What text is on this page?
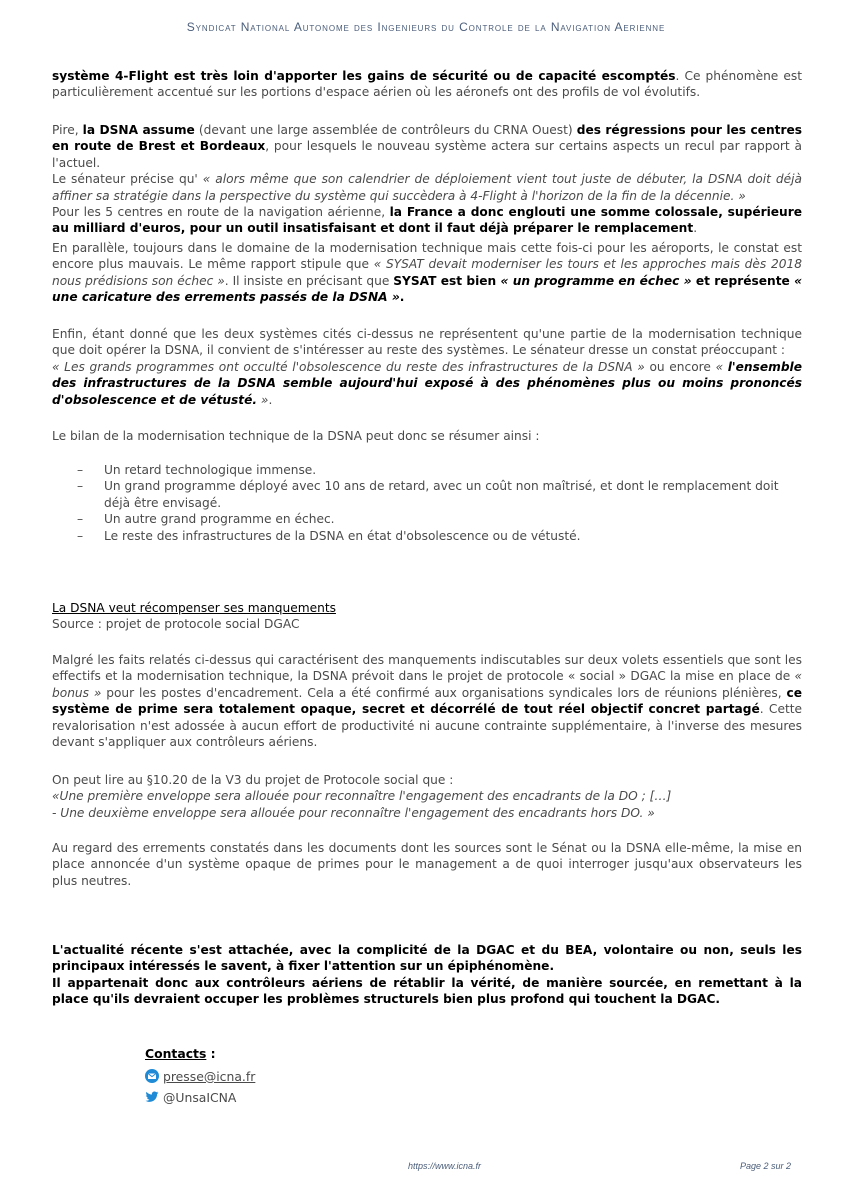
Syndicat National Autonome des Ingenieurs du Controle de la Navigation Aerienne

système 4-Flight est très loin d'apporter les gains de sécurité ou de capacité escomptés. Ce phénomène est particulièrement accentué sur les portions d'espace aérien où les aéronefs ont des profils de vol évolutifs.

Pire, la DSNA assume (devant une large assemblée de contrôleurs du CRNA Ouest) des régressions pour les centres en route de Brest et Bordeaux, pour lesquels le nouveau système actera sur certains aspects un recul par rapport à l'actuel.
Le sénateur précise qu' « alors même que son calendrier de déploiement vient tout juste de débuter, la DSNA doit déjà affiner sa stratégie dans la perspective du système qui succèdera à 4-Flight à l'horizon de la fin de la décennie. »
Pour les 5 centres en route de la navigation aérienne, la France a donc englouti une somme colossale, supérieure au milliard d'euros, pour un outil insatisfaisant et dont il faut déjà préparer le remplacement.

En parallèle, toujours dans le domaine de la modernisation technique mais cette fois-ci pour les aéroports, le constat est encore plus mauvais. Le même rapport stipule que « SYSAT devait moderniser les tours et les approches mais dès 2018 nous prédisions son échec ». Il insiste en précisant que SYSAT est bien « un programme en échec » et représente « une caricature des errements passés de la DSNA ».

Enfin, étant donné que les deux systèmes cités ci-dessus ne représentent qu'une partie de la modernisation technique que doit opérer la DSNA, il convient de s'intéresser au reste des systèmes. Le sénateur dresse un constat préoccupant :
« Les grands programmes ont occulté l'obsolescence du reste des infrastructures de la DSNA » ou encore « l'ensemble des infrastructures de la DSNA semble aujourd'hui exposé à des phénomènes plus ou moins prononcés d'obsolescence et de vétusté. ».

Le bilan de la modernisation technique de la DSNA peut donc se résumer ainsi :

– Un retard technologique immense.
– Un grand programme déployé avec 10 ans de retard, avec un coût non maîtrisé, et dont le remplacement doit déjà être envisagé.
– Un autre grand programme en échec.
– Le reste des infrastructures de la DSNA en état d'obsolescence ou de vétusté.
La DSNA veut récompenser ses manquements
Source : projet de protocole social DGAC

Malgré les faits relatés ci-dessus qui caractérisent des manquements indiscutables sur deux volets essentiels que sont les effectifs et la modernisation technique, la DSNA prévoit dans le projet de protocole « social » DGAC la mise en place de « bonus » pour les postes d'encadrement. Cela a été confirmé aux organisations syndicales lors de réunions plénières, ce système de prime sera totalement opaque, secret et décorrélé de tout réel objectif concret partagé. Cette revalorisation n'est adossée à aucun effort de productivité ni aucune contrainte supplémentaire, à l'inverse des mesures devant s'appliquer aux contrôleurs aériens.

On peut lire au §10.20 de la V3 du projet de Protocole social que :
«Une première enveloppe sera allouée pour reconnaître l'engagement des encadrants de la DO ; […]
- Une deuxième enveloppe sera allouée pour reconnaître l'engagement des encadrants hors DO. »

Au regard des errements constatés dans les documents dont les sources sont le Sénat ou la DSNA elle-même, la mise en place annoncée d'un système opaque de primes pour le management a de quoi interroger jusqu'aux observateurs les plus neutres.

L'actualité récente s'est attachée, avec la complicité de la DGAC et du BEA, volontaire ou non, seuls les principaux intéressés le savent, à fixer l'attention sur un épiphénomène.
Il appartenait donc aux contrôleurs aériens de rétablir la vérité, de manière sourcée, en remettant à la place qu'ils devraient occuper les problèmes structurels bien plus profond qui touchent la DGAC.

Contacts :
presse@icna.fr
@UnsaICNA
https://www.icna.fr	Page 2 sur 2
